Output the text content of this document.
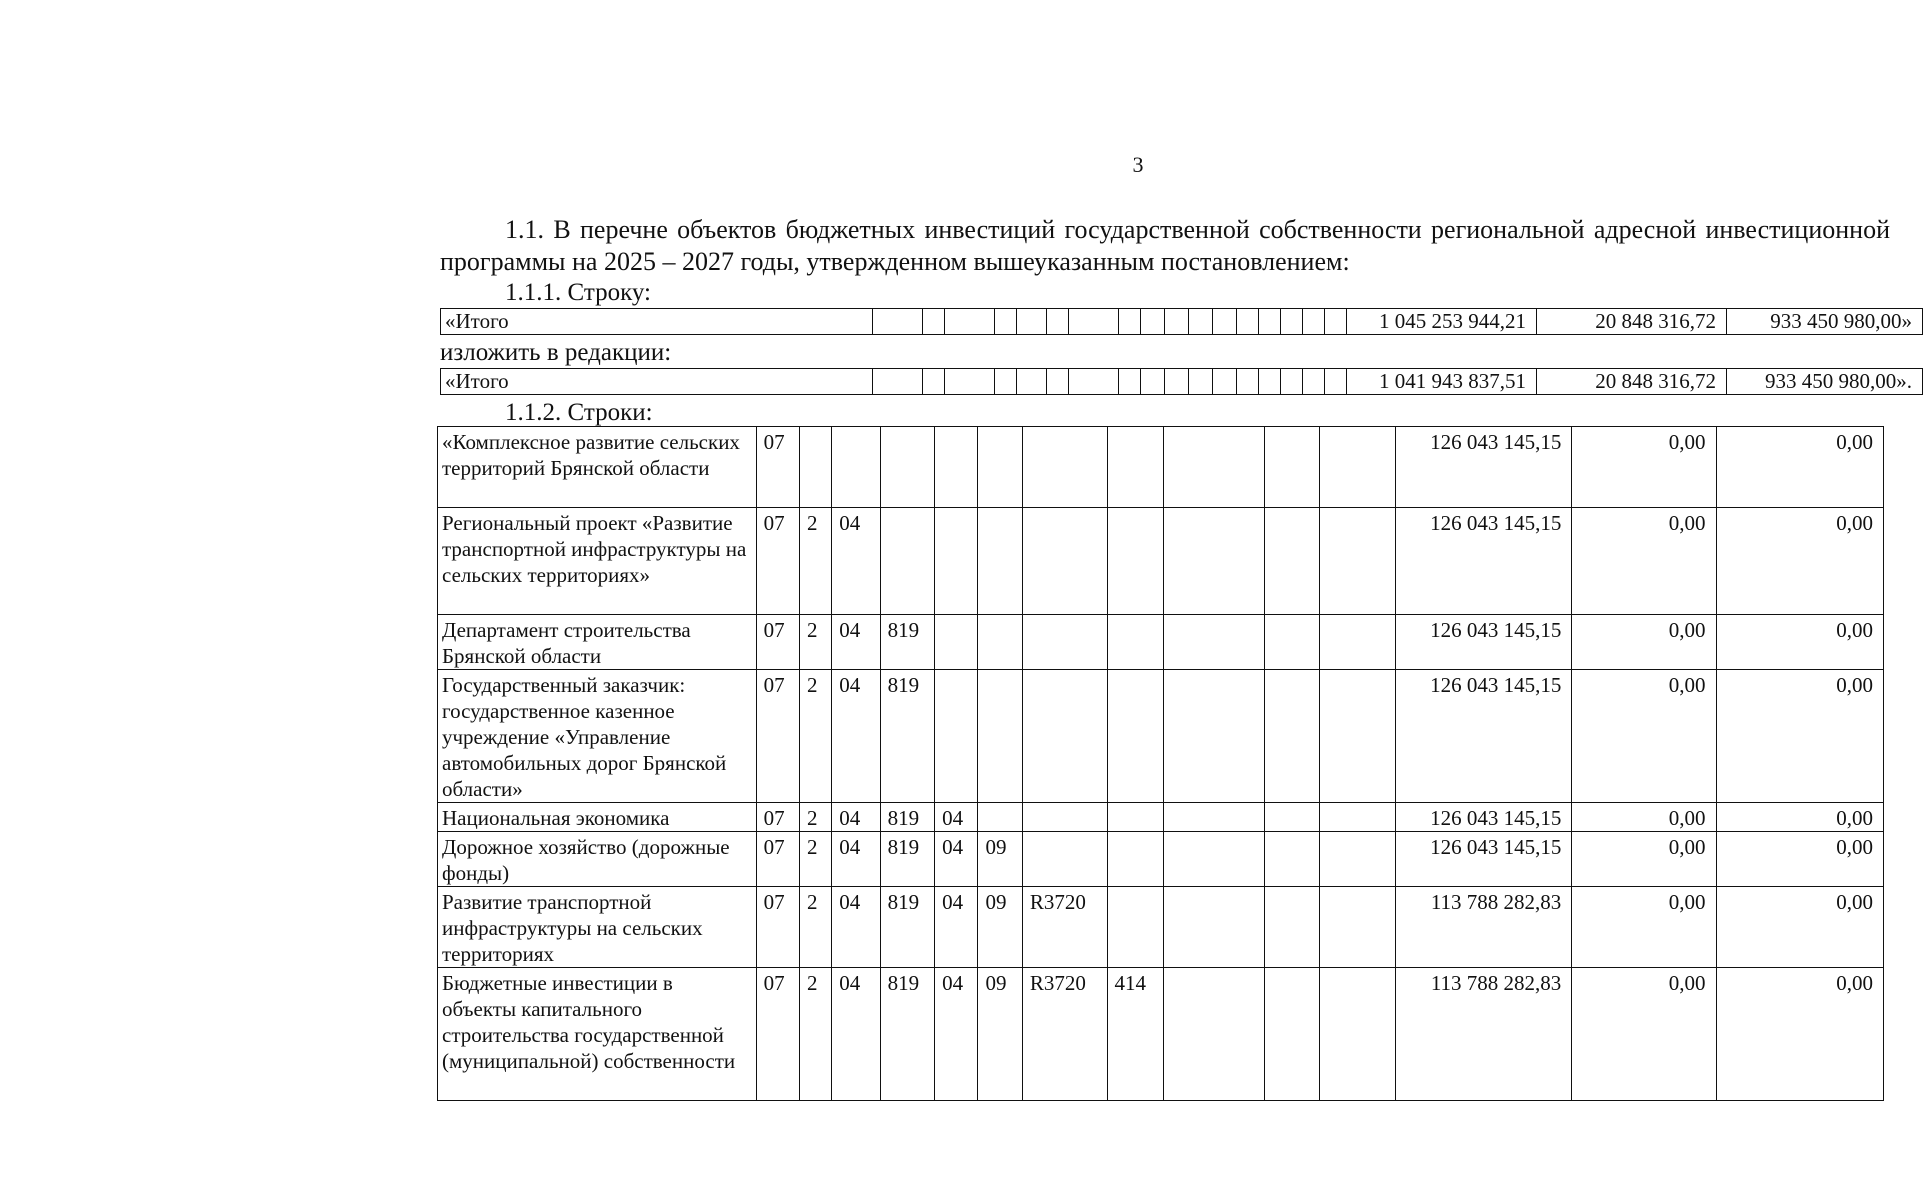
3

1.1. В перечне объектов бюджетных инвестиций государственной собственности региональной адресной инвестиционной программы на 2025 – 2027 годы, утвержденном вышеуказанным постановлением:

1.1.1. Строку:
«Итого																		1 045 253 944,21	20 848 316,72	933 450 980,00»
изложить в редакции:
«Итого																		1 041 943 837,51	20 848 316,72	933 450 980,00».
1.1.2. Строки:
«Комплексное развитие сельских территорий Брянской области	07											126 043 145,15	0,00	0,00
Региональный проект «Развитие транспортной инфраструктуры на сельских территориях»	07	2	04									126 043 145,15	0,00	0,00
Департамент строительства Брянской области	07	2	04	819								126 043 145,15	0,00	0,00
Государственный заказчик: государственное казенное учреждение «Управление автомобильных дорог Брянской области»	07	2	04	819								126 043 145,15	0,00	0,00
Национальная экономика	07	2	04	819	04							126 043 145,15	0,00	0,00
Дорожное хозяйство (дорожные фонды)	07	2	04	819	04	09						126 043 145,15	0,00	0,00
Развитие транспортной инфраструктуры на сельских территориях	07	2	04	819	04	09	R3720					113 788 282,83	0,00	0,00
Бюджетные инвестиции в объекты капитального строительства государственной (муниципальной) собственности	07	2	04	819	04	09	R3720	414				113 788 282,83	0,00	0,00
